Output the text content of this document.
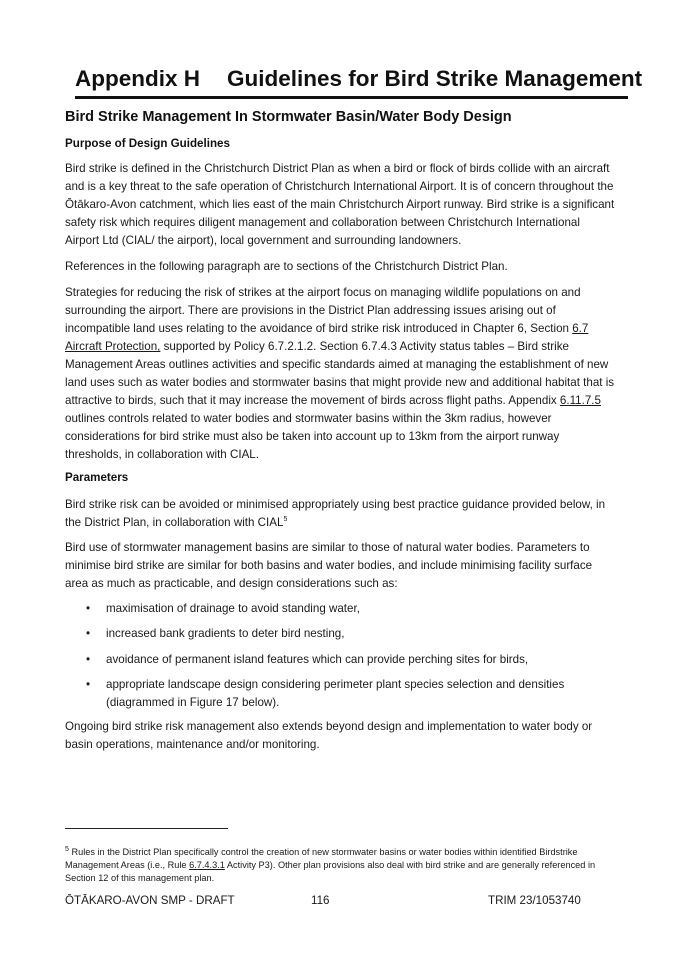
Appendix H Guidelines for Bird Strike Management
Bird Strike Management In Stormwater Basin/Water Body Design
Purpose of Design Guidelines
Bird strike is defined in the Christchurch District Plan as when a bird or flock of birds collide with an aircraft
and is a key threat to the safe operation of Christchurch International Airport. It is of concern throughout the
Ōtākaro-Avon catchment, which lies east of the main Christchurch Airport runway. Bird strike is a significant
safety risk which requires diligent management and collaboration between Christchurch International
Airport Ltd (CIAL/ the airport), local government and surrounding landowners.
References in the following paragraph are to sections of the Christchurch District Plan.
Strategies for reducing the risk of strikes at the airport focus on managing wildlife populations on and
surrounding the airport. There are provisions in the District Plan addressing issues arising out of
incompatible land uses relating to the avoidance of bird strike risk introduced in Chapter 6, Section 6.7
Aircraft Protection, supported by Policy 6.7.2.1.2. Section 6.7.4.3 Activity status tables – Bird strike
Management Areas outlines activities and specific standards aimed at managing the establishment of new
land uses such as water bodies and stormwater basins that might provide new and additional habitat that is
attractive to birds, such that it may increase the movement of birds across flight paths. Appendix 6.11.7.5
outlines controls related to water bodies and stormwater basins within the 3km radius, however
considerations for bird strike must also be taken into account up to 13km from the airport runway
thresholds, in collaboration with CIAL.
Parameters
Bird strike risk can be avoided or minimised appropriately using best practice guidance provided below, in
the District Plan, in collaboration with CIAL$^5$
Bird use of stormwater management basins are similar to those of natural water bodies. Parameters to
minimise bird strike are similar for both basins and water bodies, and include minimising facility surface
area as much as practicable, and design considerations such as:
• maximisation of drainage to avoid standing water,
• increased bank gradients to deter bird nesting,
• avoidance of permanent island features which can provide perching sites for birds,
• appropriate landscape design considering perimeter plant species selection and densities
(diagrammed in Figure 17 below).
Ongoing bird strike risk management also extends beyond design and implementation to water body or
basin operations, maintenance and/or monitoring.
$^5$ Rules in the District Plan specifically control the creation of new stormwater basins or water bodies within identified Birdstrike
Management Areas (i.e., Rule 6.7.4.3.1 Activity P3). Other plan provisions also deal with bird strike and are generally referenced in
Section 12 of this management plan.
ŌTĀKARO-AVON SMP - DRAFT	116	TRIM 23/1053740
